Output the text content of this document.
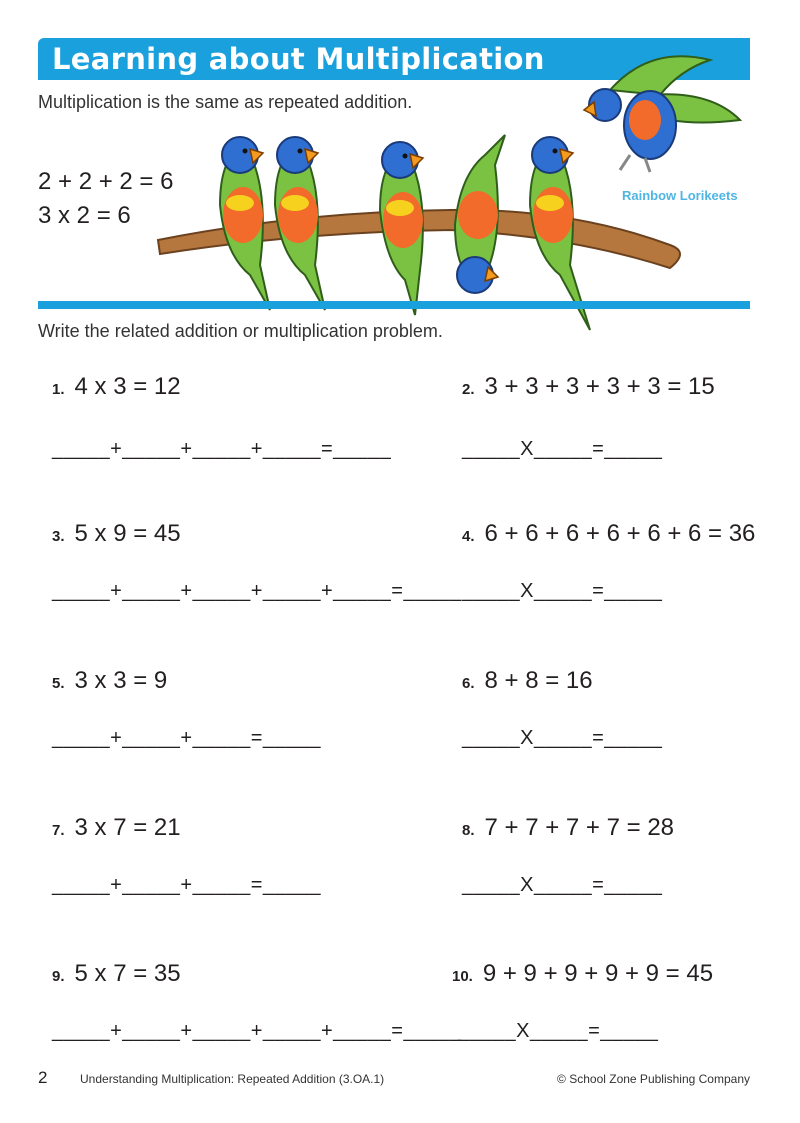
Learning about Multiplication
Multiplication is the same as repeated addition.
2 + 2 + 2 = 6
3 x 2 = 6
Rainbow Lorikeets
Write the related addition or multiplication problem.
1. 4 x 3 = 12
_____+_____+_____+_____=_____
2. 3 + 3 + 3 + 3 + 3 = 15
_____X_____=_____
3. 5 x 9 = 45
_____+_____+_____+_____+_____=_____
4. 6 + 6 + 6 + 6 + 6 + 6 = 36
_____X_____=_____
5. 3 x 3 = 9
_____+_____+_____=_____
6. 8 + 8 = 16
_____X_____=_____
7. 3 x 7 = 21
_____+_____+_____=_____
8. 7 + 7 + 7 + 7 = 28
_____X_____=_____
9. 5 x 7 = 35
_____+_____+_____+_____+_____=_____
10. 9 + 9 + 9 + 9 + 9 = 45
_____X_____=_____
2	Understanding Multiplication: Repeated Addition (3.OA.1)	© School Zone Publishing Company
